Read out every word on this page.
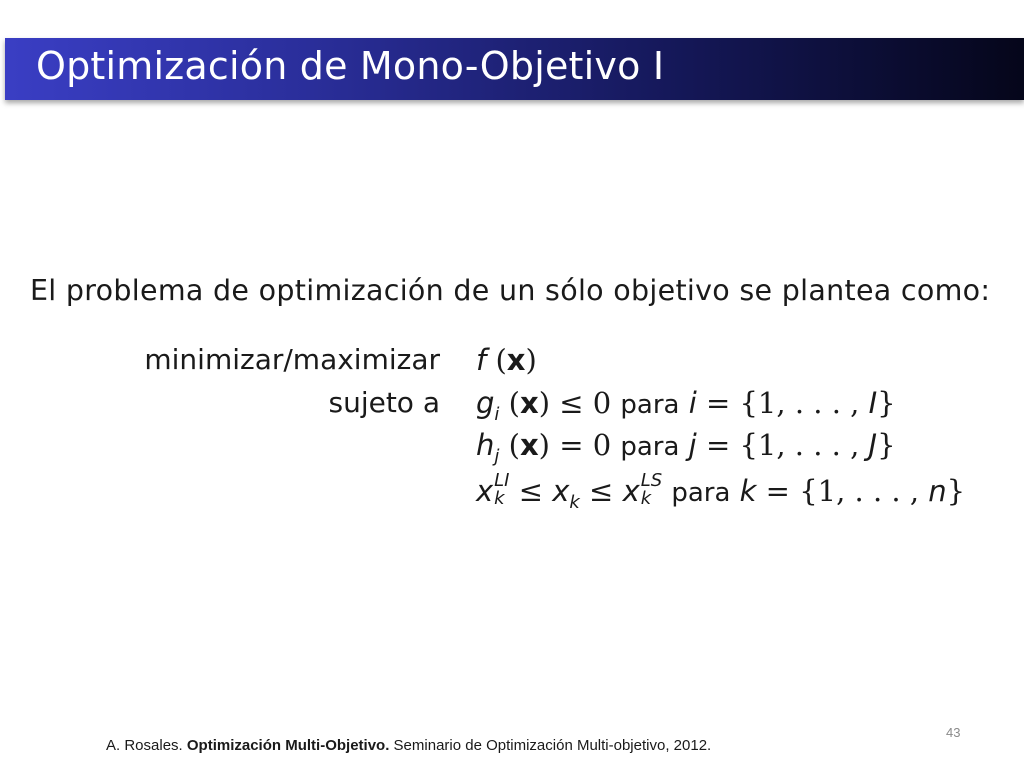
Optimización de Mono-Objetivo I
El problema de optimización de un sólo objetivo se plantea como:
minimizar/maximizar
sujeto a
f (x)
$g_i$ (x) ≤ 0 para i = {1, . . . , I}
$h_j$ (x) = 0 para j = {1, . . . , J}
x LI
$k \le x_k \le x$ LS
k para k = {1, . . . , n}
43
A. Rosales. Optimización Multi-Objetivo. Seminario de Optimización Multi-objetivo, 2012.
